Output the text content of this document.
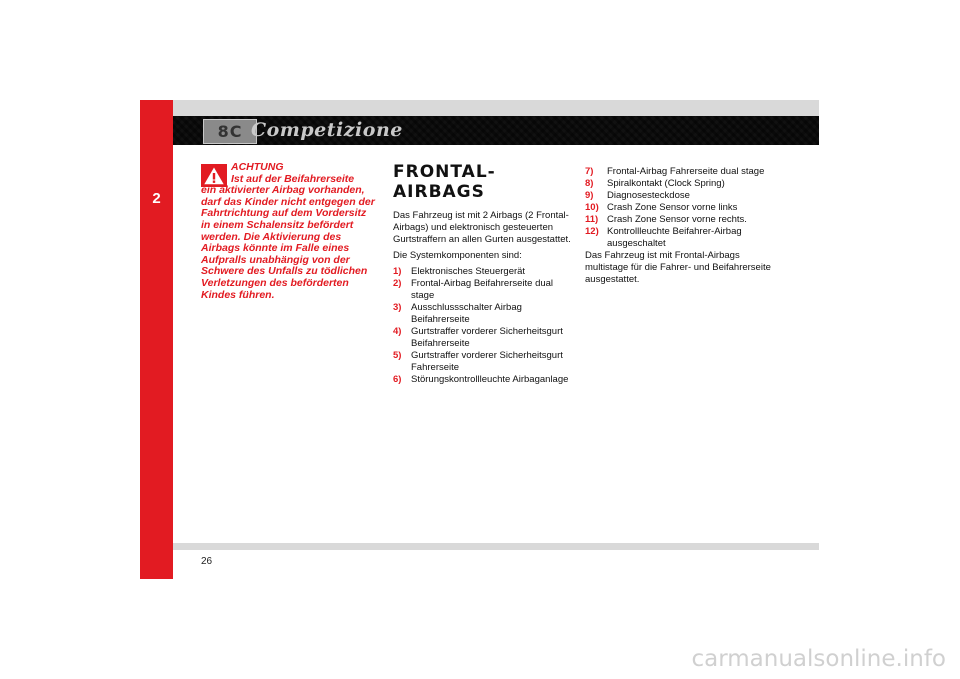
2
8C Competizione
ACHTUNG
Ist auf der Beifahrerseite
ein aktivierter Airbag vorhanden, darf das Kinder nicht entgegen der Fahrtrichtung auf dem Vordersitz in einem Schalensitz befördert werden. Die Aktivierung des Airbags könnte im Falle eines Aufpralls unabhängig von der Schwere des Unfalls zu tödlichen Verletzungen des beförderten Kindes führen.
FRONTAL-
AIRBAGS

Das Fahrzeug ist mit 2 Airbags (2 Frontal-Airbags) und elektronisch gesteuerten Gurtstraffern an allen Gurten ausgestattet.

Die Systemkomponenten sind:

1)	Elektronisches Steuergerät
2)	Frontal-Airbag Beifahrerseite dual stage
3)	Ausschlussschalter Airbag Beifahrerseite
4)	Gurtstraffer vorderer Sicherheitsgurt Beifahrerseite
5)	Gurtstraffer vorderer Sicherheitsgurt Fahrerseite
6)	Störungskontrollleuchte Airbaganlage
7)	Frontal-Airbag Fahrerseite dual stage
8)	Spiralkontakt (Clock Spring)
9)	Diagnosesteckdose
10) Crash Zone Sensor vorne links
11) Crash Zone Sensor vorne rechts.
12) Kontrollleuchte Beifahrer-Airbag ausgeschaltet

Das Fahrzeug ist mit Frontal-Airbags multistage für die Fahrer- und Beifahrerseite ausgestattet.

26
carmanualsonline.info
